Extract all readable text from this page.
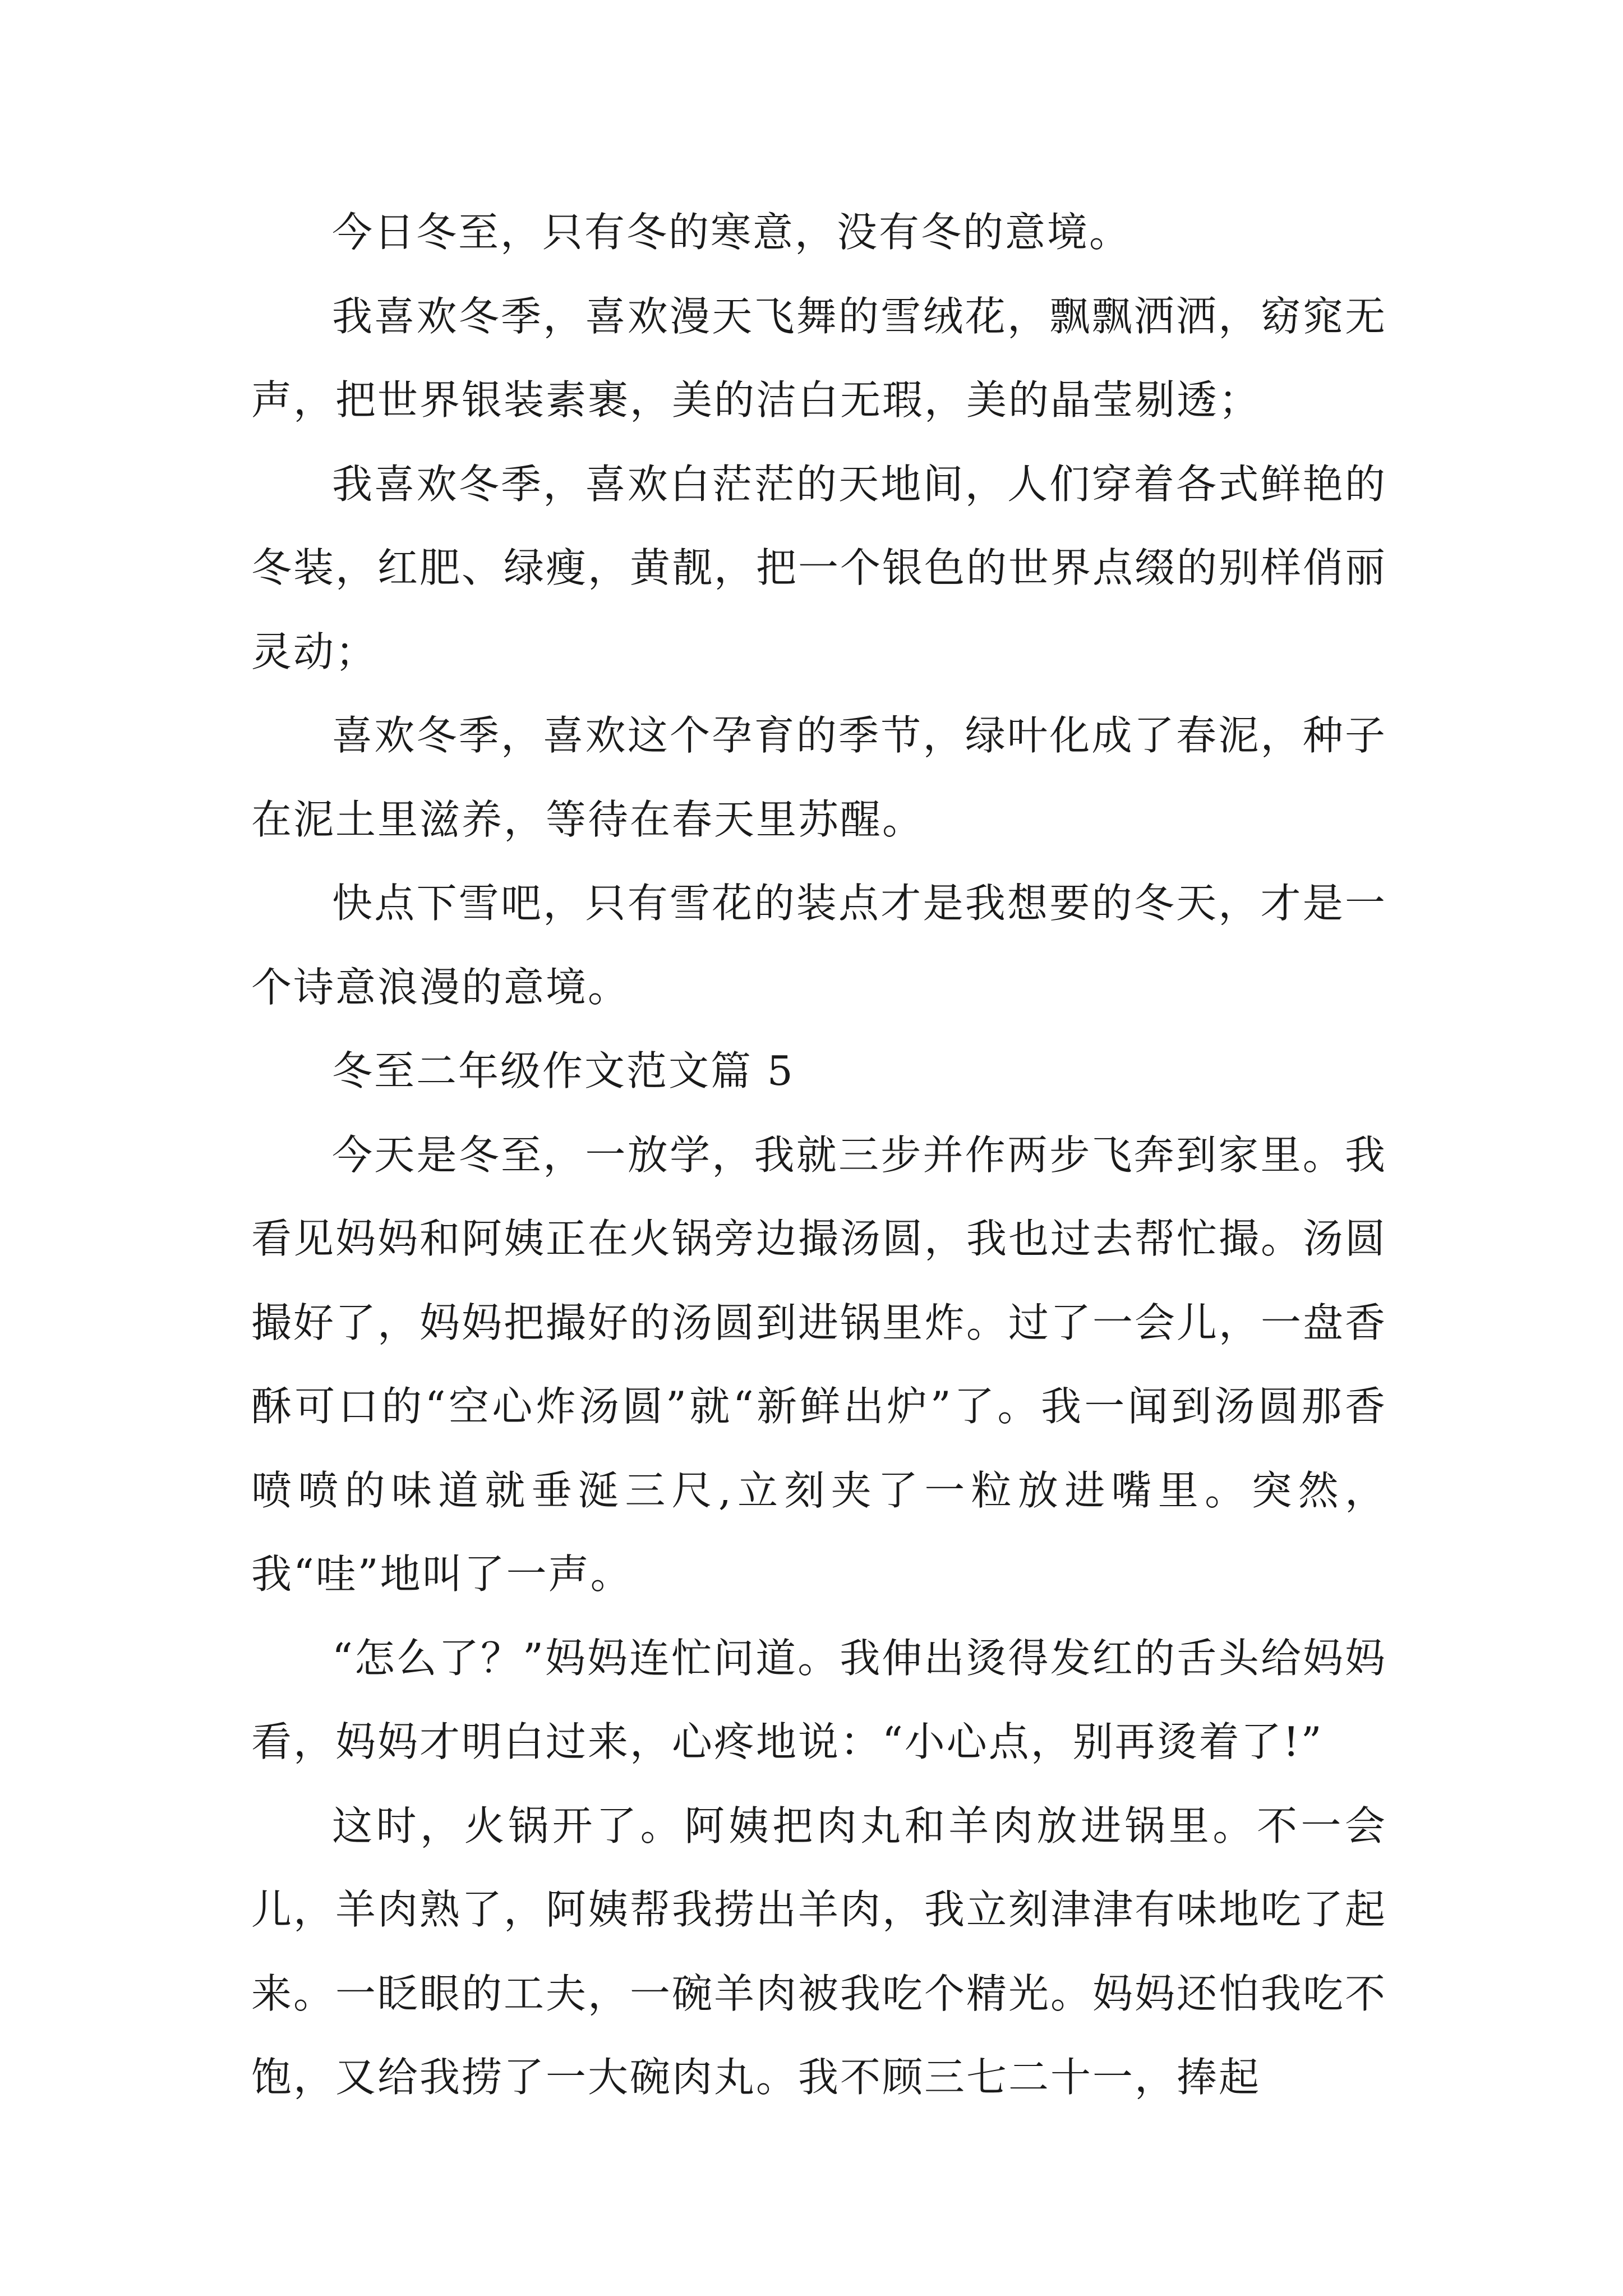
今日冬至，只有冬的寒意，没有冬的意境。

我喜欢冬季，喜欢漫天飞舞的雪绒花，飘飘洒洒，窈窕无声，把世界银装素裹，美的洁白无瑕，美的晶莹剔透；

我喜欢冬季，喜欢白茫茫的天地间，人们穿着各式鲜艳的冬装，红肥、绿瘦，黄靓，把一个银色的世界点缀的别样俏丽灵动；

喜欢冬季，喜欢这个孕育的季节，绿叶化成了春泥，种子在泥土里滋养，等待在春天里苏醒。

快点下雪吧，只有雪花的装点才是我想要的冬天，才是一个诗意浪漫的意境。

冬至二年级作文范文篇 5

今天是冬至，一放学，我就三步并作两步飞奔到家里。我看见妈妈和阿姨正在火锅旁边撮汤圆，我也过去帮忙撮。汤圆撮好了，妈妈把撮好的汤圆到进锅里炸。过了一会儿，一盘香酥可口的“空心炸汤圆”就“新鲜出炉”了。我一闻到汤圆那香喷喷的味道就垂涎三尺,立刻夹了一粒放进嘴里。突然，我“哇”地叫了一声。

“怎么了？”妈妈连忙问道。我伸出烫得发红的舌头给妈妈看，妈妈才明白过来，心疼地说：“小心点，别再烫着了!”

这时，火锅开了。阿姨把肉丸和羊肉放进锅里。不一会儿，羊肉熟了，阿姨帮我捞出羊肉，我立刻津津有味地吃了起来。一眨眼的工夫，一碗羊肉被我吃个精光。妈妈还怕我吃不饱，又给我捞了一大碗肉丸。我不顾三七二十一，捧起
